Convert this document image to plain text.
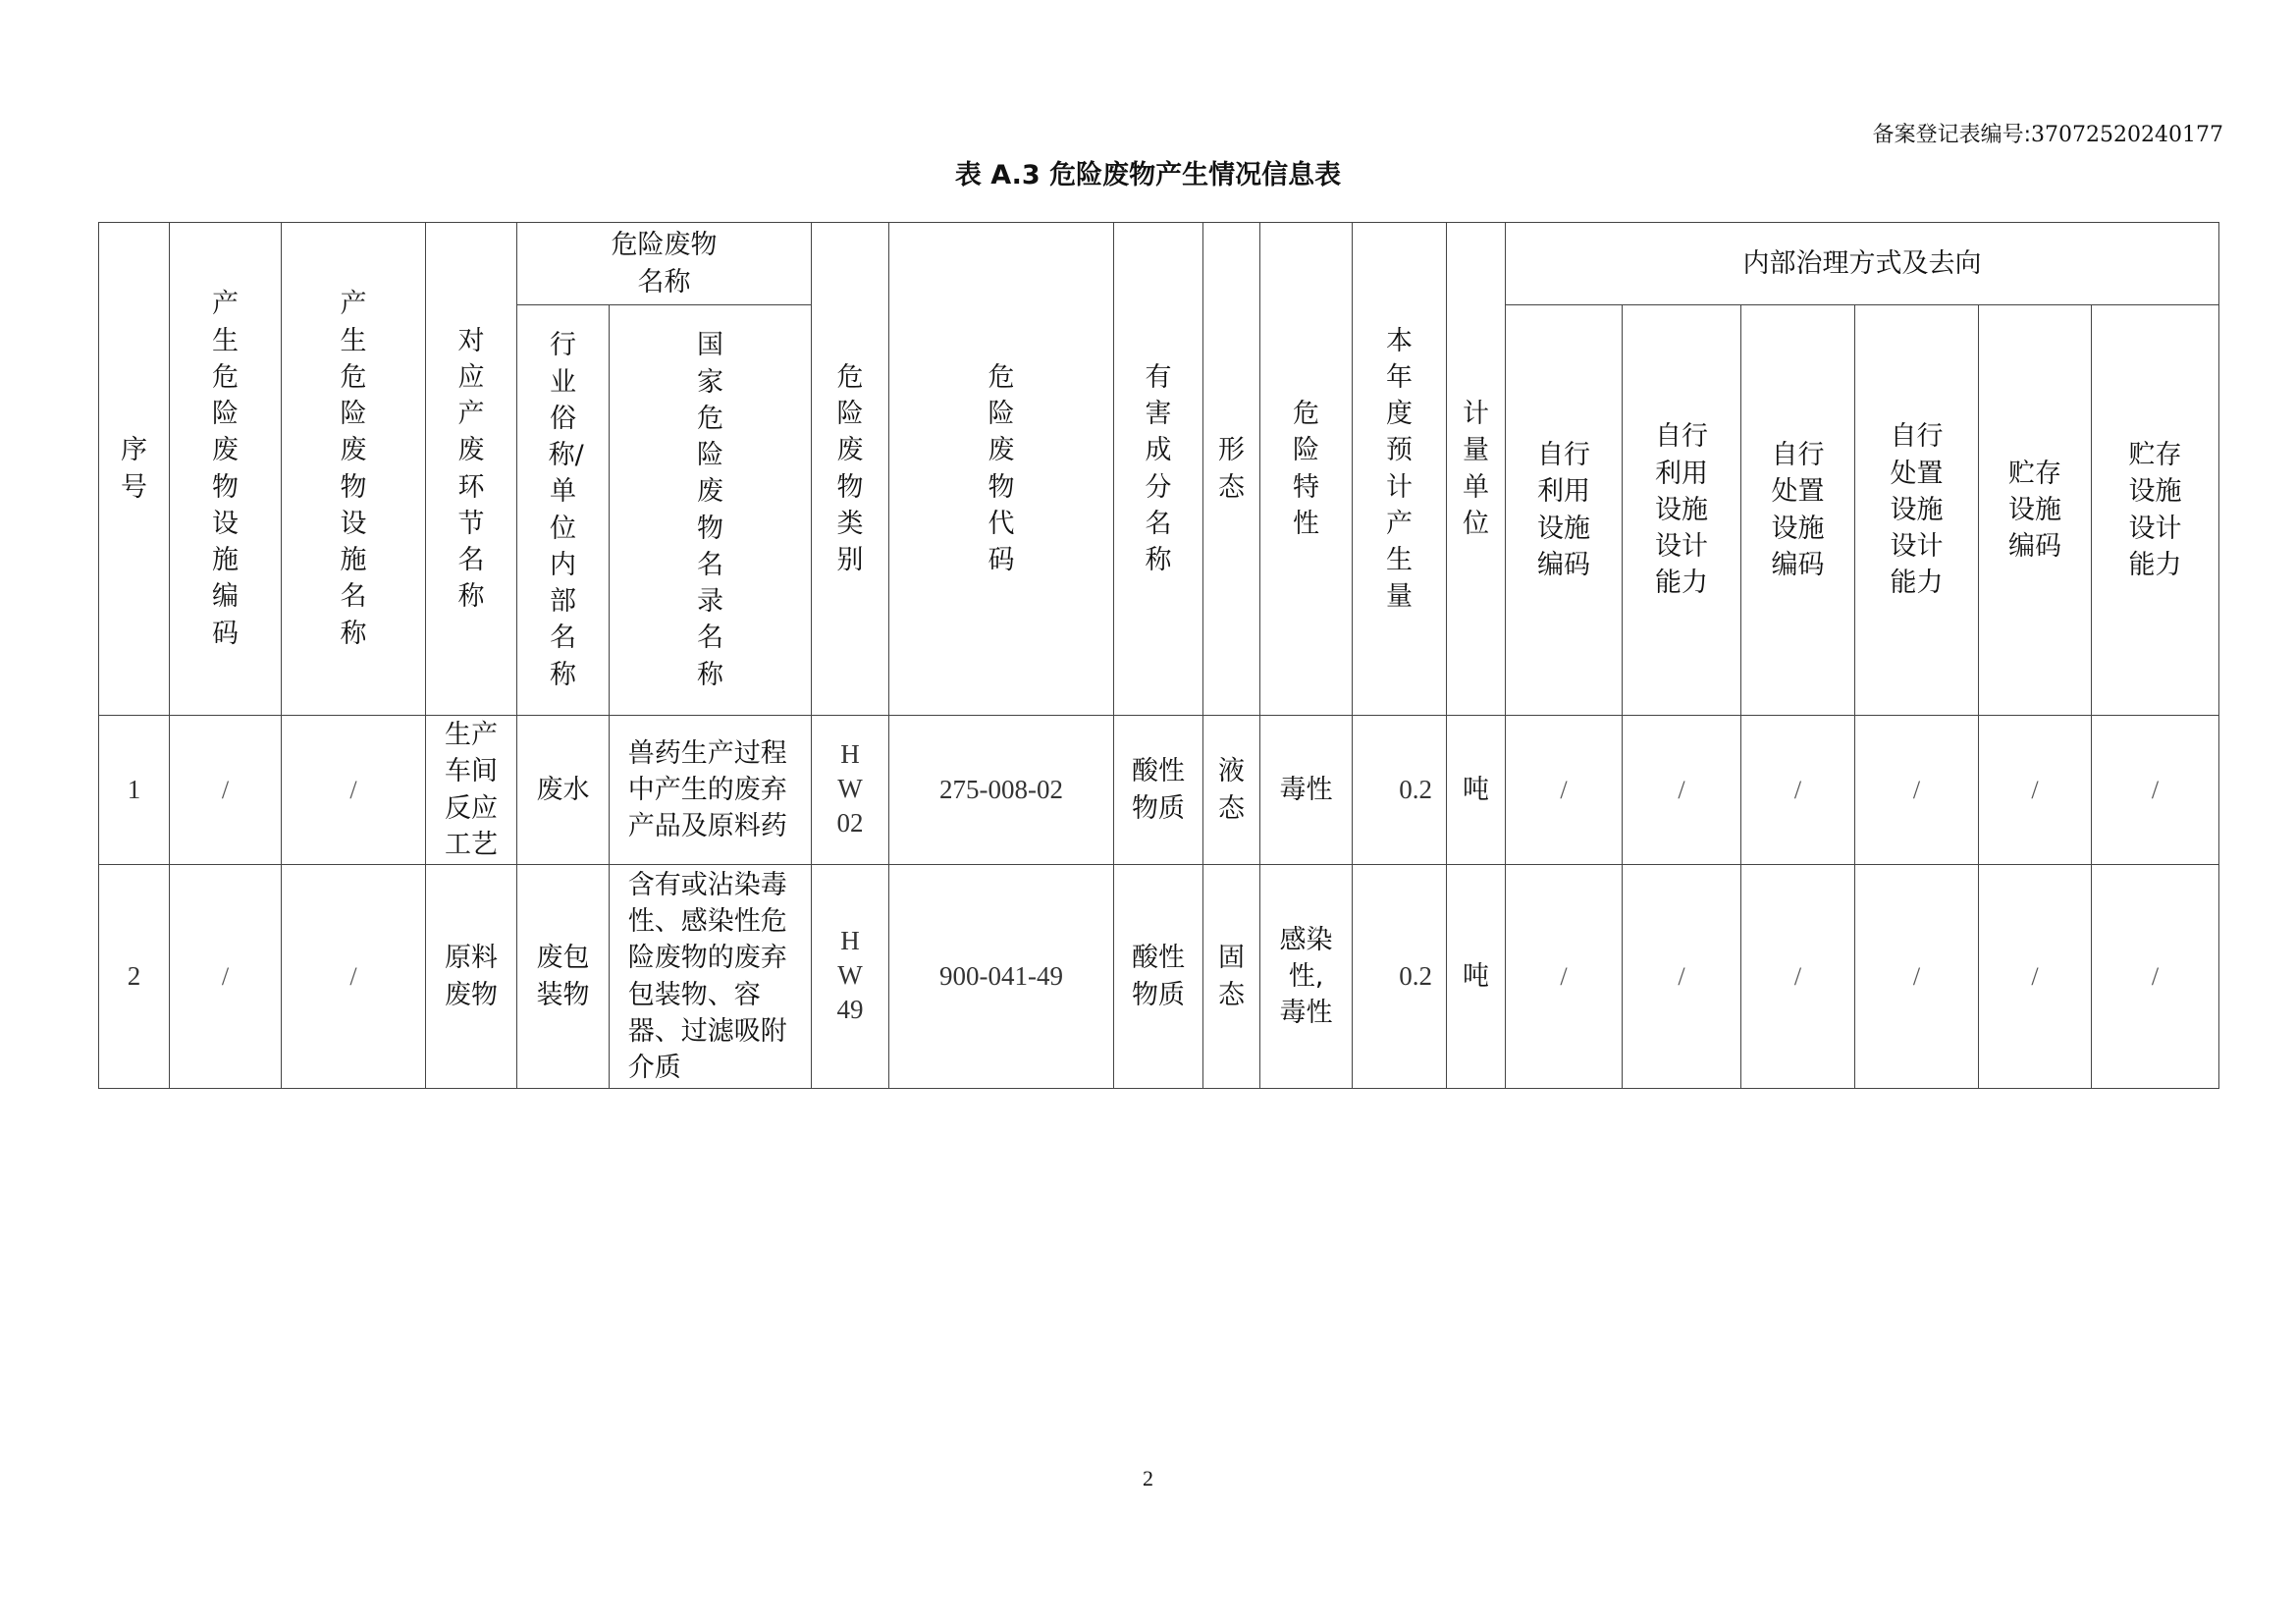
备案登记表编号:37072520240177
表 A.3 危险废物产生情况信息表
序号	产生危险废物设施编码	产生危险废物设施名称	对应产废环节名称	危险废物名称		危险废物类别	危险废物代码	有害成分名称	形态	危险特性	本年度预计产生量	计量单位	内部治理方式及去向					
				行业俗称/单位内部名称	国家危险废物名录名称								自行利用设施编码	自行利用设施设计能力	自行处置设施编码	自行处置设施设计能力	贮存设施编码	贮存设施设计能力
1	/	/	生产车间反应工艺	废水	兽药生产过程中产生的废弃产品及原料药	HW02	275-008-02	酸性物质	液态	毒性	0.2	吨	/	/	/	/	/	/
2	/	/	原料废物	废包装物	含有或沾染毒性、感染性危险废物的废弃包装物、容器、过滤吸附介质	HW49	900-041-49	酸性物质	固态	感染性,毒性	0.2	吨	/	/	/	/	/	/
2
